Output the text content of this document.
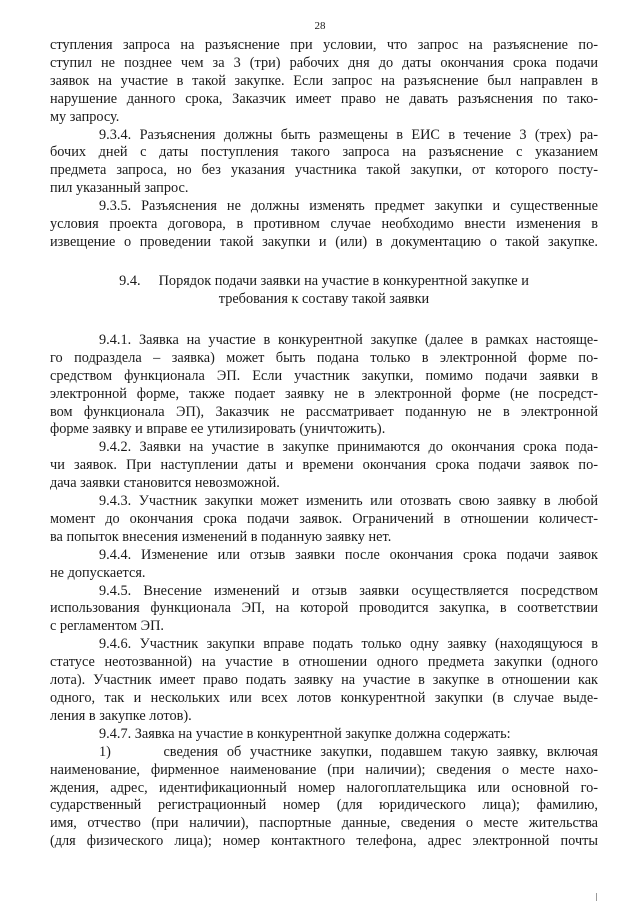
28
ступления запроса на разъяснение при условии, что запрос на разъяснение по-
ступил не позднее чем за 3 (три) рабочих дня до даты окончания срока подачи
заявок на участие в такой закупке. Если запрос на разъяснение был направлен в
нарушение данного срока, Заказчик имеет право не давать разъяснения по тако-
му запросу.
9.3.4. Разъяснения должны быть размещены в ЕИС в течение 3 (трех) ра-
бочих дней с даты поступления такого запроса на разъяснение с указанием
предмета запроса, но без указания участника такой закупки, от которого посту-
пил указанный запрос.
9.3.5. Разъяснения не должны изменять предмет закупки и существенные
условия проекта договора, в противном случае необходимо внести изменения в
извещение о проведении такой закупки и (или) в документацию о такой закупке.
9.4. Порядок подачи заявки на участие в конкурентной закупке и
требования к составу такой заявки
9.4.1. Заявка на участие в конкурентной закупке (далее в рамках настояще-
го подраздела – заявка) может быть подана только в электронной форме по-
средством функционала ЭП. Если участник закупки, помимо подачи заявки в
электронной форме, также подает заявку не в электронной форме (не посредст-
вом функционала ЭП), Заказчик не рассматривает поданную не в электронной
форме заявку и вправе ее утилизировать (уничтожить).
9.4.2. Заявки на участие в закупке принимаются до окончания срока пода-
чи заявок. При наступлении даты и времени окончания срока подачи заявок по-
дача заявки становится невозможной.
9.4.3. Участник закупки может изменить или отозвать свою заявку в любой
момент до окончания срока подачи заявок. Ограничений в отношении количест-
ва попыток внесения изменений в поданную заявку нет.
9.4.4. Изменение или отзыв заявки после окончания срока подачи заявок
не допускается.
9.4.5. Внесение изменений и отзыв заявки осуществляется посредством
использования функционала ЭП, на которой проводится закупка, в соответствии
с регламентом ЭП.
9.4.6. Участник закупки вправе подать только одну заявку (находящуюся в
статусе неотозванной) на участие в отношении одного предмета закупки (одного
лота). Участник имеет право подать заявку на участие в закупке в отношении как
одного, так и нескольких или всех лотов конкурентной закупки (в случае выде-
ления в закупке лотов).
9.4.7. Заявка на участие в конкурентной закупке должна содержать:
1)      сведения об участнике закупки, подавшем такую заявку, включая
наименование, фирменное наименование (при наличии); сведения о месте нахо-
ждения, адрес, идентификационный номер налогоплательщика или основной го-
сударственный регистрационный номер (для юридического лица); фамилию,
имя, отчество (при наличии), паспортные данные, сведения о месте жительства
(для физического лица); номер контактного телефона, адрес электронной почты
